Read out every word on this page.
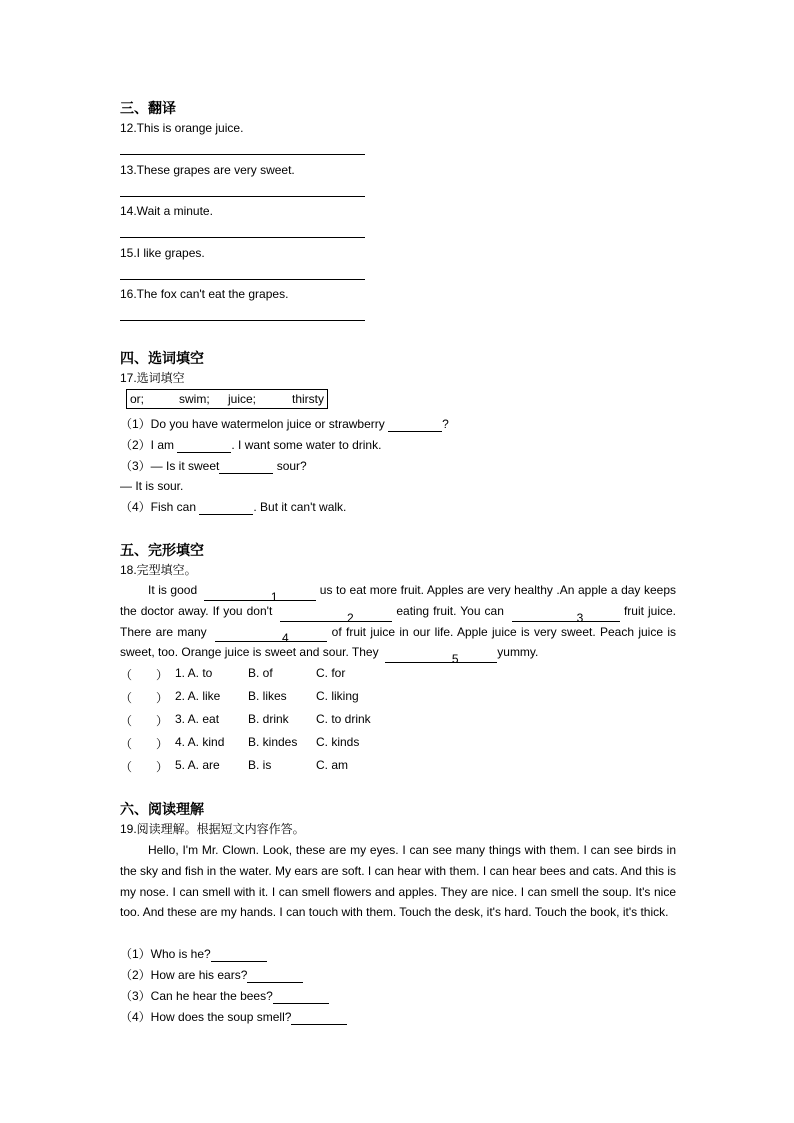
三、翻译
12.This is orange juice.
13.These grapes are very sweet.
14.Wait a minute.
15.I like grapes.
16.The fox can't eat the grapes.
四、选词填空
17.选词填空
or;	swim; juice;	thirsty
（1）Do you have watermelon juice or strawberry	?
（2）I am	. I want some water to drink.
（3）— Is it sweet	sour?
— It is sour.
（4）Fish can	. But it can't walk.
五、完形填空
18.完型填空。

It is good	1	us to eat more fruit. Apples are very healthy .An apple a day keeps the doctor away. If you don't	2	eating fruit. You can	3	fruit juice. There are many	4	of fruit juice in our life. Apple juice is very sweet. Peach juice is sweet, too. Orange juice is sweet and sour. They	5	yummy.

（　　） 1. A. to	B. of	C. for
（　　） 2. A. like B. likes C. liking
（　　） 3. A. eat B. drink C. to drink
（　　） 4. A. kind B. kindes C. kinds
（　　） 5. A. are B. is	C. am
六、阅读理解
19.阅读理解。根据短文内容作答。

Hello, I'm Mr. Clown. Look, these are my eyes. I can see many things with them. I can see birds in the sky and fish in the water. My ears are soft. I can hear with them. I can hear bees and cats. And this is my nose. I can smell with it. I can smell flowers and apples. They are nice. I can smell the soup. It's nice too. And these are my hands. I can touch with them. Touch the desk, it's hard. Touch the book, it's thick.

（1）Who is he?
（2）How are his ears?
（3）Can he hear the bees?
（4）How does the soup smell?
